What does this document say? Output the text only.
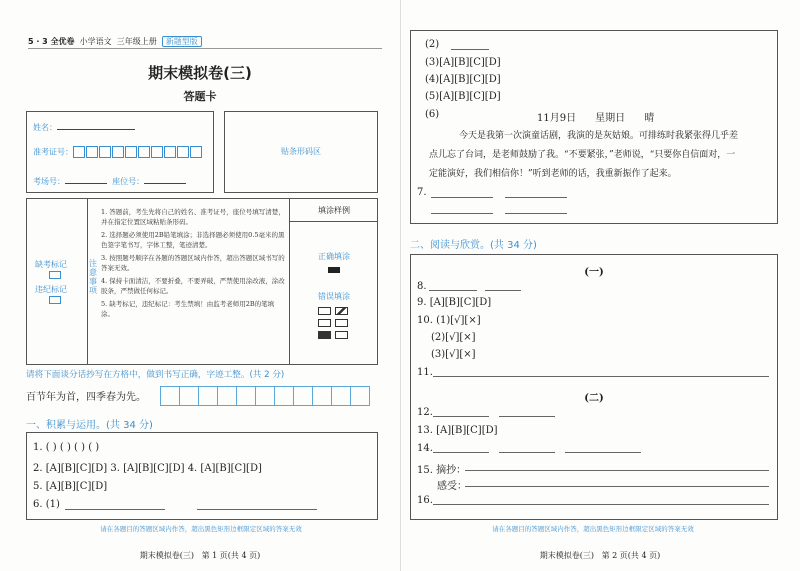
5 · 3 全优卷 小学语文 三年级上册 新题型版
期末模拟卷(三)
答题卡
姓名：
准考证号：
考场号：	座位号：
贴条形码区
缺考标记
违纪标记
注意事项
1. 答题前，考生先将自己的姓名、准考证号，座位号填写清楚，并在指定位置区域粘贴条形码。
2. 选择题必须使用2B铅笔填涂；非选择题必须使用0.5毫米的黑色签字笔书写，字体工整，笔迹清楚。
3. 按照题号顺序在各题的答题区域内作答，超出答题区域书写的答案无效。
4. 保持卡面清洁，不要折叠，不要弄破，严禁使用涂改液，涂改胶条，严禁做任何标记。
5. 缺考标记，违纪标记：考生禁填！由监考老师用2B的笔填涂。
填涂样例
正确填涂
错误填涂
请将下面谈分话抄写在方格中，做到书写正确，字迹工整。(共 2 分)
百节年为首，四季春为先。
一、积累与运用。(共 34 分)
1. ( ) ( ) ( ) ( )
2. [A][B][C][D] 3. [A][B][C][D] 4. [A][B][C][D]
5. [A][B][C][D]
6. (1)
请在各题目的答题区域内作答，超出黑色矩形边框限定区域的答案无效
期末模拟卷(三)   第 1 页(共 4 页)
(2)
(3)[A][B][C][D]
(4)[A][B][C][D]
(5)[A][B][C][D]
(6)	11月9日      星期日      晴
今天是我第一次演童话剧，我演的是灰姑娘。可排练时我紧张得几乎差
点儿忘了台词，是老师鼓励了我。“不要紧张，”老师说，“只要你自信面对，一
定能演好，我们相信你！”听到老师的话，我重新振作了起来。
7.
二、阅读与欣赏。(共 34 分)
(一)
8.
9. [A][B][C][D]
10. (1)[√][×]
(2)[√][×]
(3)[√][×]
11.
(二)
12.
13. [A][B][C][D]
14.
15. 摘抄：
感受：
16.
请在各题目的答题区域内作答，超出黑色矩形边框限定区域的答案无效
期末模拟卷(三)   第 2 页(共 4 页)
